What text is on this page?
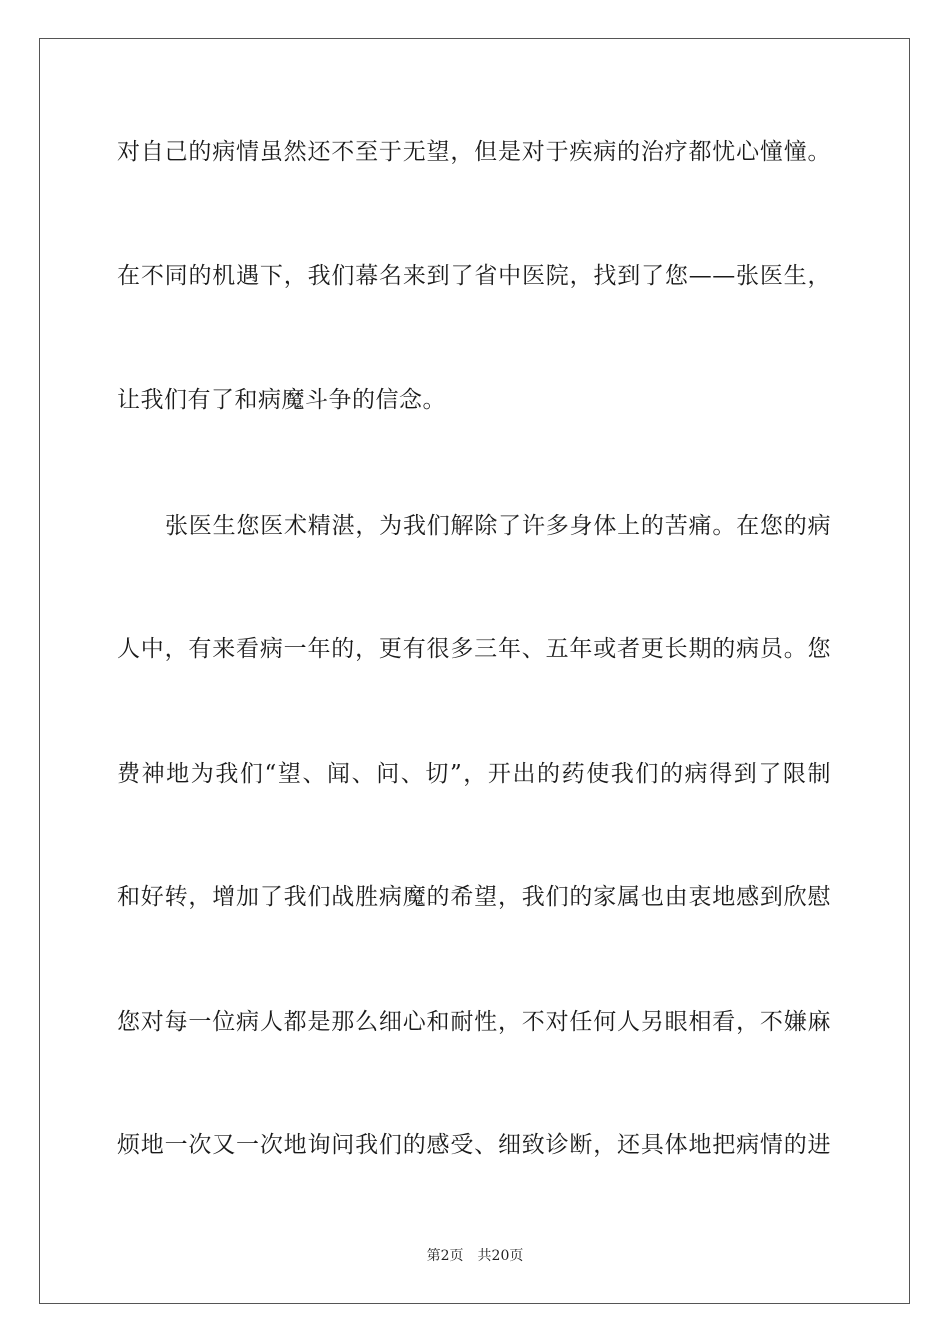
对自己的病情虽然还不至于无望，但是对于疾病的治疗都忧心憧憧。
在不同的机遇下，我们幕名来到了省中医院，找到了您——张医生，
让我们有了和病魔斗争的信念。
张医生您医术精湛，为我们解除了许多身体上的苦痛。在您的病
人中，有来看病一年的，更有很多三年、五年或者更长期的病员。您
费神地为我们“望、闻、问、切”，开出的药使我们的病得到了限制
和好转，增加了我们战胜病魔的希望，我们的家属也由衷地感到欣慰
您对每一位病人都是那么细心和耐性，不对任何人另眼相看，不嫌麻
烦地一次又一次地询问我们的感受、细致诊断，还具体地把病情的进
第2页 共20页
